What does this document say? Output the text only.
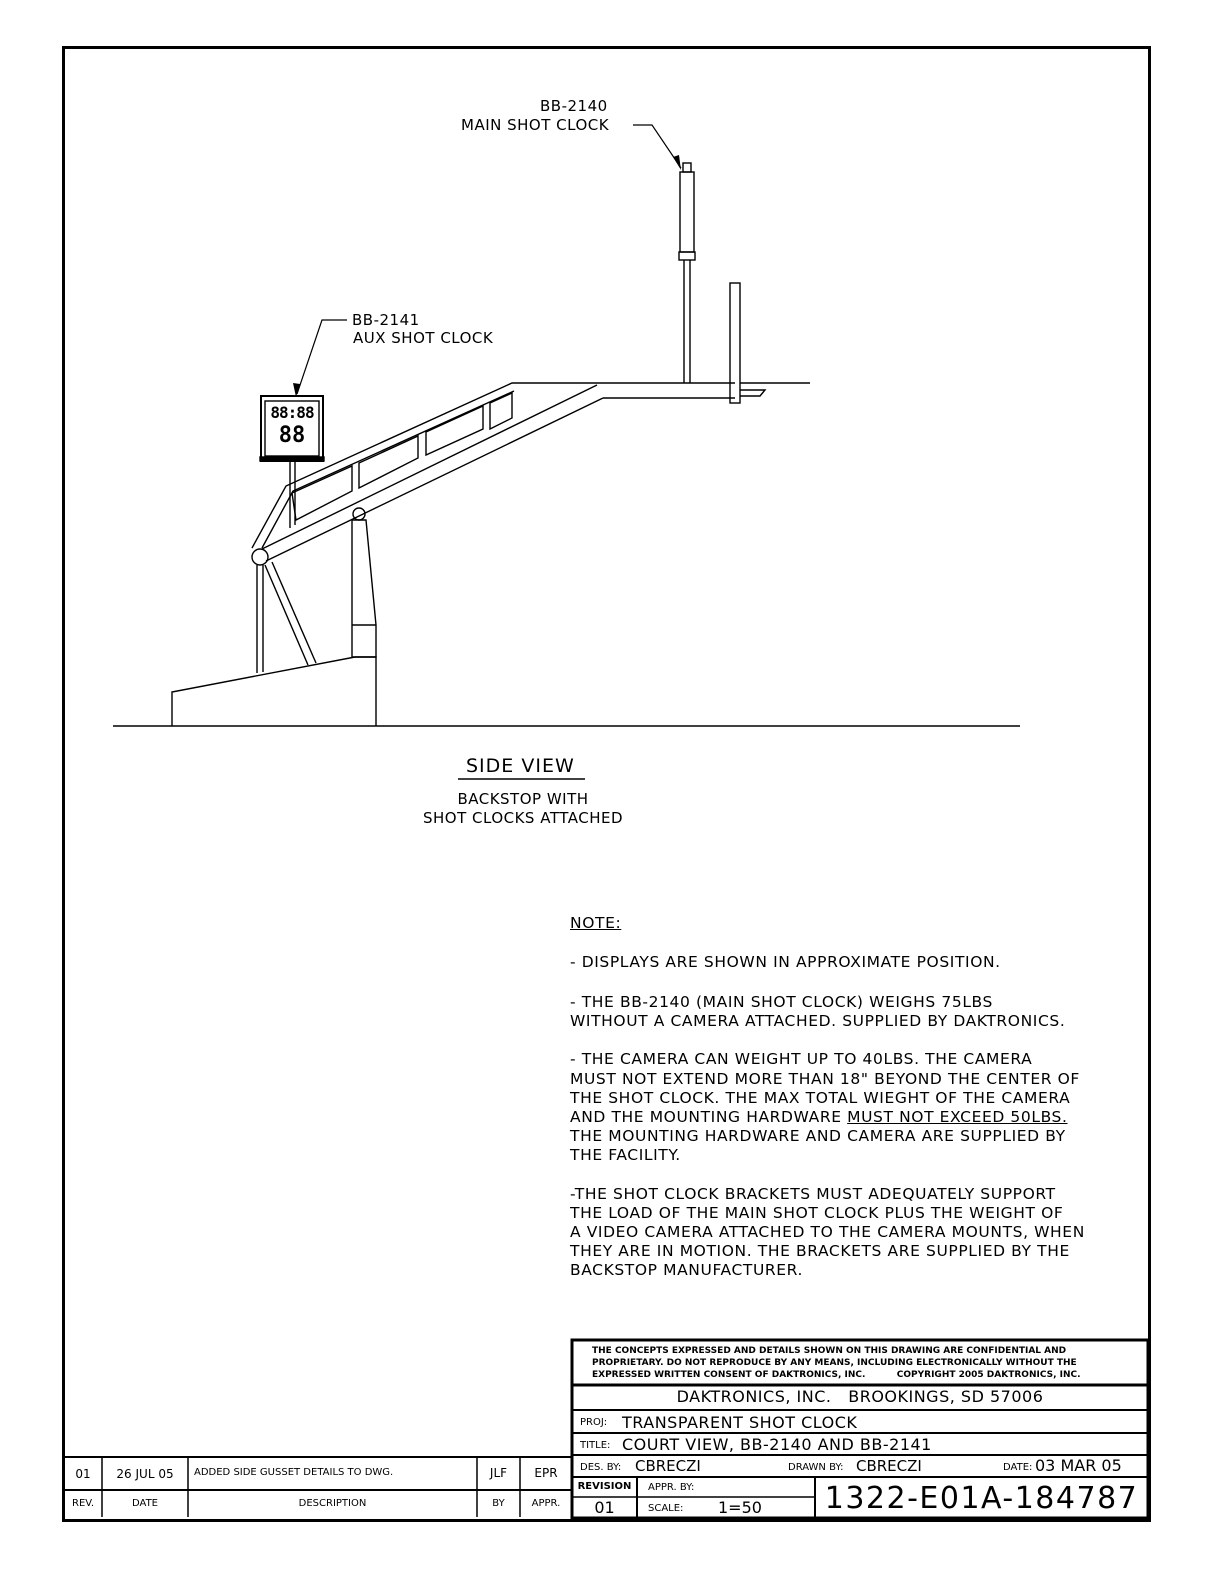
88:88
88
BB-2140
MAIN SHOT CLOCK
BB-2141
AUX SHOT CLOCK
SIDE VIEW
BACKSTOP WITH
SHOT CLOCKS ATTACHED
NOTE:
- DISPLAYS ARE SHOWN IN APPROXIMATE POSITION.
- THE BB-2140 (MAIN SHOT CLOCK) WEIGHS 75LBS
WITHOUT A CAMERA ATTACHED. SUPPLIED BY DAKTRONICS.
- THE CAMERA CAN WEIGHT UP TO 40LBS. THE CAMERA
MUST NOT EXTEND MORE THAN 18" BEYOND THE CENTER OF
THE SHOT CLOCK. THE MAX TOTAL WIEGHT OF THE CAMERA
AND THE MOUNTING HARDWARE MUST NOT EXCEED 50LBS.
THE MOUNTING HARDWARE AND CAMERA ARE SUPPLIED BY
THE FACILITY.
-THE SHOT CLOCK BRACKETS MUST ADEQUATELY SUPPORT
THE LOAD OF THE MAIN SHOT CLOCK PLUS THE WEIGHT OF
A VIDEO CAMERA ATTACHED TO THE CAMERA MOUNTS, WHEN
THEY ARE IN MOTION. THE BRACKETS ARE SUPPLIED BY THE
BACKSTOP MANUFACTURER.
01	26 JUL 05	ADDED SIDE GUSSET DETAILS TO DWG.	JLF	EPR
REV.	DATE	DESCRIPTION	BY	APPR.
THE CONCEPTS EXPRESSED AND DETAILS SHOWN ON THIS DRAWING ARE CONFIDENTIAL AND
PROPRIETARY. DO NOT REPRODUCE BY ANY MEANS, INCLUDING ELECTRONICALLY WITHOUT THE
EXPRESSED WRITTEN CONSENT OF DAKTRONICS, INC.          COPYRIGHT 2005 DAKTRONICS, INC.
DAKTRONICS, INC.   BROOKINGS, SD 57006
PROJ: TRANSPARENT SHOT CLOCK
TITLE: COURT VIEW, BB-2140 AND BB-2141
DES. BY: CBRECZI	DRAWN BY: CBRECZI	DATE: 03 MAR 05
REVISION
01
APPR. BY:
SCALE: 1=50	1322-E01A-184787
